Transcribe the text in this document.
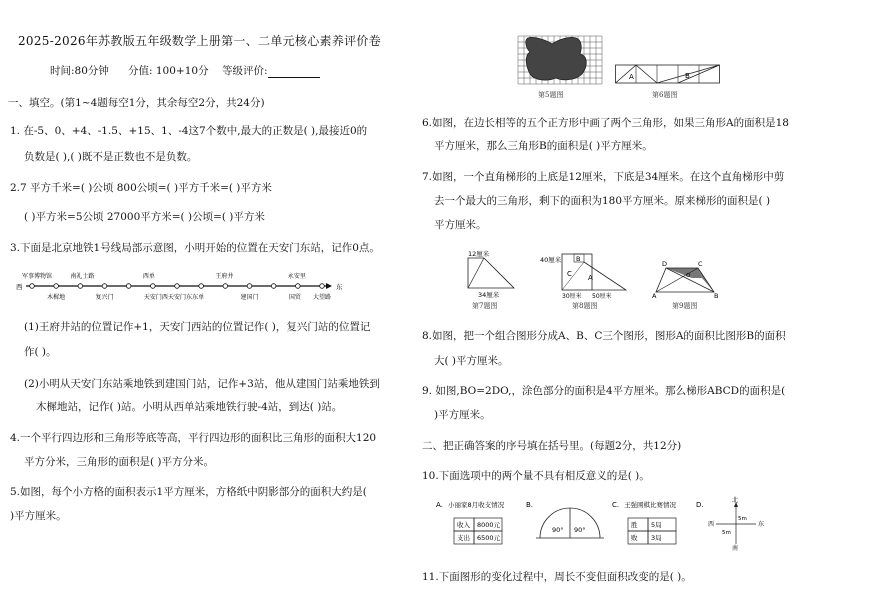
2025-2026年苏教版五年级数学上册第一、二单元核心素养评价卷
时间:80分钟 分值: 100+10分 等级评价:
一、填空。(第1~4题每空1分，其余每空2分，共24分)
1. 在-5、0、+4、-1.5、+15、1、-4这7个数中,最大的正数是( ),最接近0的
负数是( ),( )既不是正数也不是负数。
2.7 平方千米=( )公顷 800公顷=( )平方千米=( )平方米
( )平方米=5公顷 27000平方米=( )公顷=( )平方米
3.下面是北京地铁1号线局部示意图，小明开始的位置在天安门东站，记作0点。
军事博物馆	南礼士路	西单	王府井	永安里
木樨地	复兴门	天安门西 天安门东 东单	建国门	国贸 大望路
西	东
(1)王府井站的位置记作+1，天安门西站的位置记作( )，复兴门站的位置记
作( )。
(2)小明从天安门东站乘地铁到建国门站，记作+3站，他从建国门站乘地铁到
木樨地站，记作( )站。小明从西单站乘地铁行驶-4站，到达( )站。
4.一个平行四边形和三角形等底等高，平行四边形的面积比三角形的面积大120
平方分米，三角形的面积是( )平方分米。
5.如图，每个小方格的面积表示1平方厘米，方格纸中阴影部分的面积大约是(
)平方厘米。
第5题图
A	B
第6题图
6.如图，在边长相等的五个正方形中画了两个三角形，如果三角形A的面积是18
平方厘米，那么三角形B的面积是( )平方厘米。
7.如图，一个直角梯形的上底是12厘米，下底是34厘米。在这个直角梯形中剪
去一个最大的三角形，剩下的面积为180平方厘米。原来梯形的面积是( )
平方厘米。
12厘米
34厘米
第7题图
40厘米 B
C A
30厘米 50厘米
第8题图
D	C
A	B
O
第9题图
8.如图，把一个组合图形分成A、B、C三个图形，图形A的面积比图形B的面积
大( )平方厘米。
9. 如图,BO=2DO,，涂色部分的面积是4平方厘米。那么梯形ABCD的面积是(
)平方厘米。
二、把正确答案的序号填在括号里。(每题2分，共12分)
10.下面选项中的两个量不具有相反意义的是( )。
A. 小丽家8月收支情况
收入 8000元
支出 6500元
B.
90° 90°
C. 王强围棋比赛情况
胜 5局
败 3局
D.
北
南
西	东
5m
5m
11.下面图形的变化过程中，周长不变但面积改变的是( )。
